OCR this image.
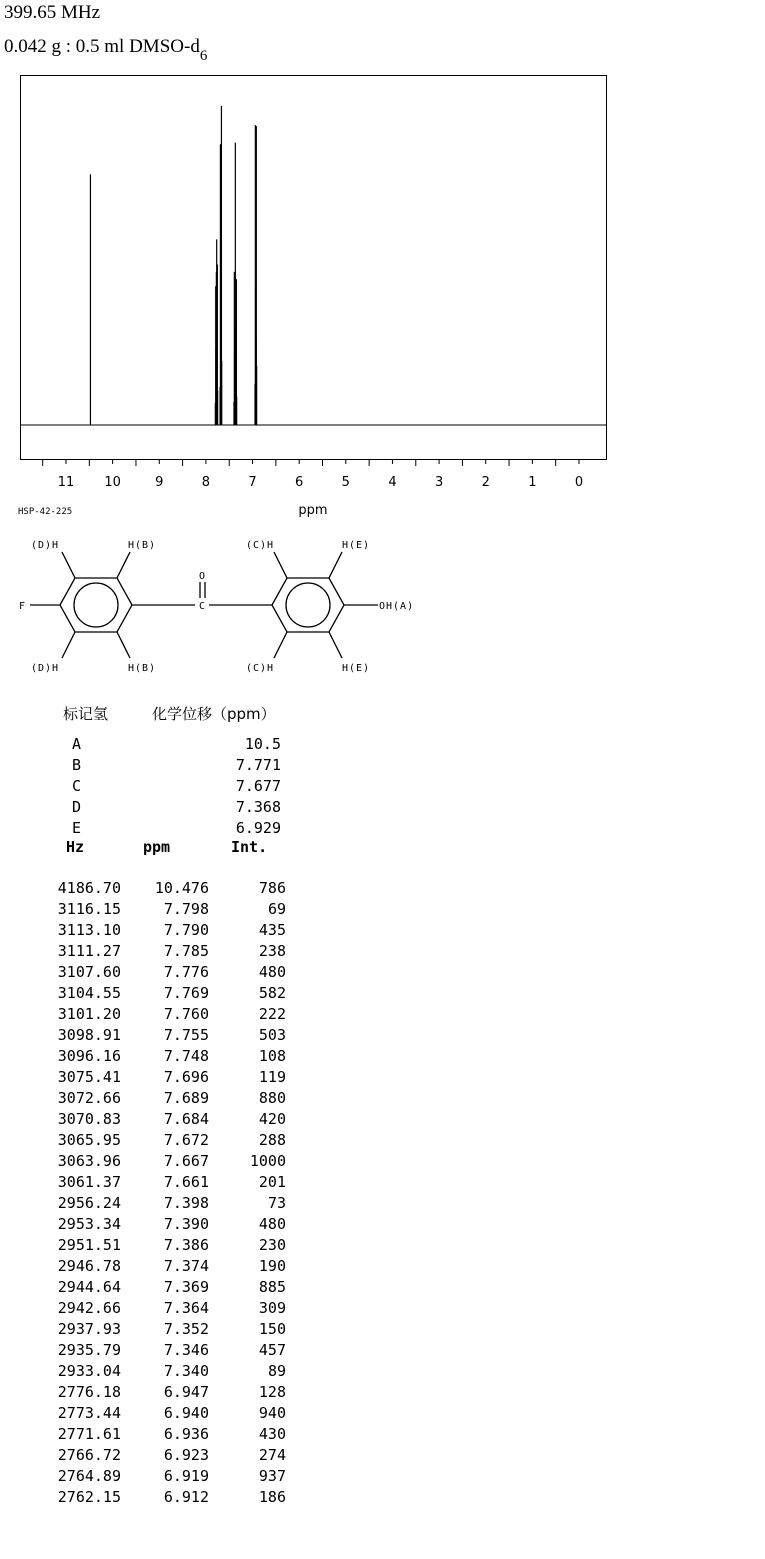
399.65 MHz
0.042 g : 0.5 ml DMSO-$d_6$
11 10	9	8	7	6	5	4	3	2	1	0
ppm
HSP-42-225
(D)H	H(B)	(C)H	H(E)
(D)H	H(B)	(C)H	H(E)
F
O
C	OH(A)
标记氢	化学位移（ppm）
A	10.5
B	7.771
C	7.677
D	7.368
E	6.929
Hz	ppm	Int.
4186.70 10.476	786
3116.15	7.798	69
3113.10	7.790	435
3111.27	7.785	238
3107.60	7.776	480
3104.55	7.769	582
3101.20	7.760	222
3098.91	7.755	503
3096.16	7.748	108
3075.41	7.696	119
3072.66	7.689	880
3070.83	7.684	420
3065.95	7.672	288
3063.96	7.667	1000
3061.37	7.661	201
2956.24	7.398	73
2953.34	7.390	480
2951.51	7.386	230
2946.78	7.374	190
2944.64	7.369	885
2942.66	7.364	309
2937.93	7.352	150
2935.79	7.346	457
2933.04	7.340	89
2776.18	6.947	128
2773.44	6.940	940
2771.61	6.936	430
2766.72	6.923	274
2764.89	6.919	937
2762.15	6.912	186
